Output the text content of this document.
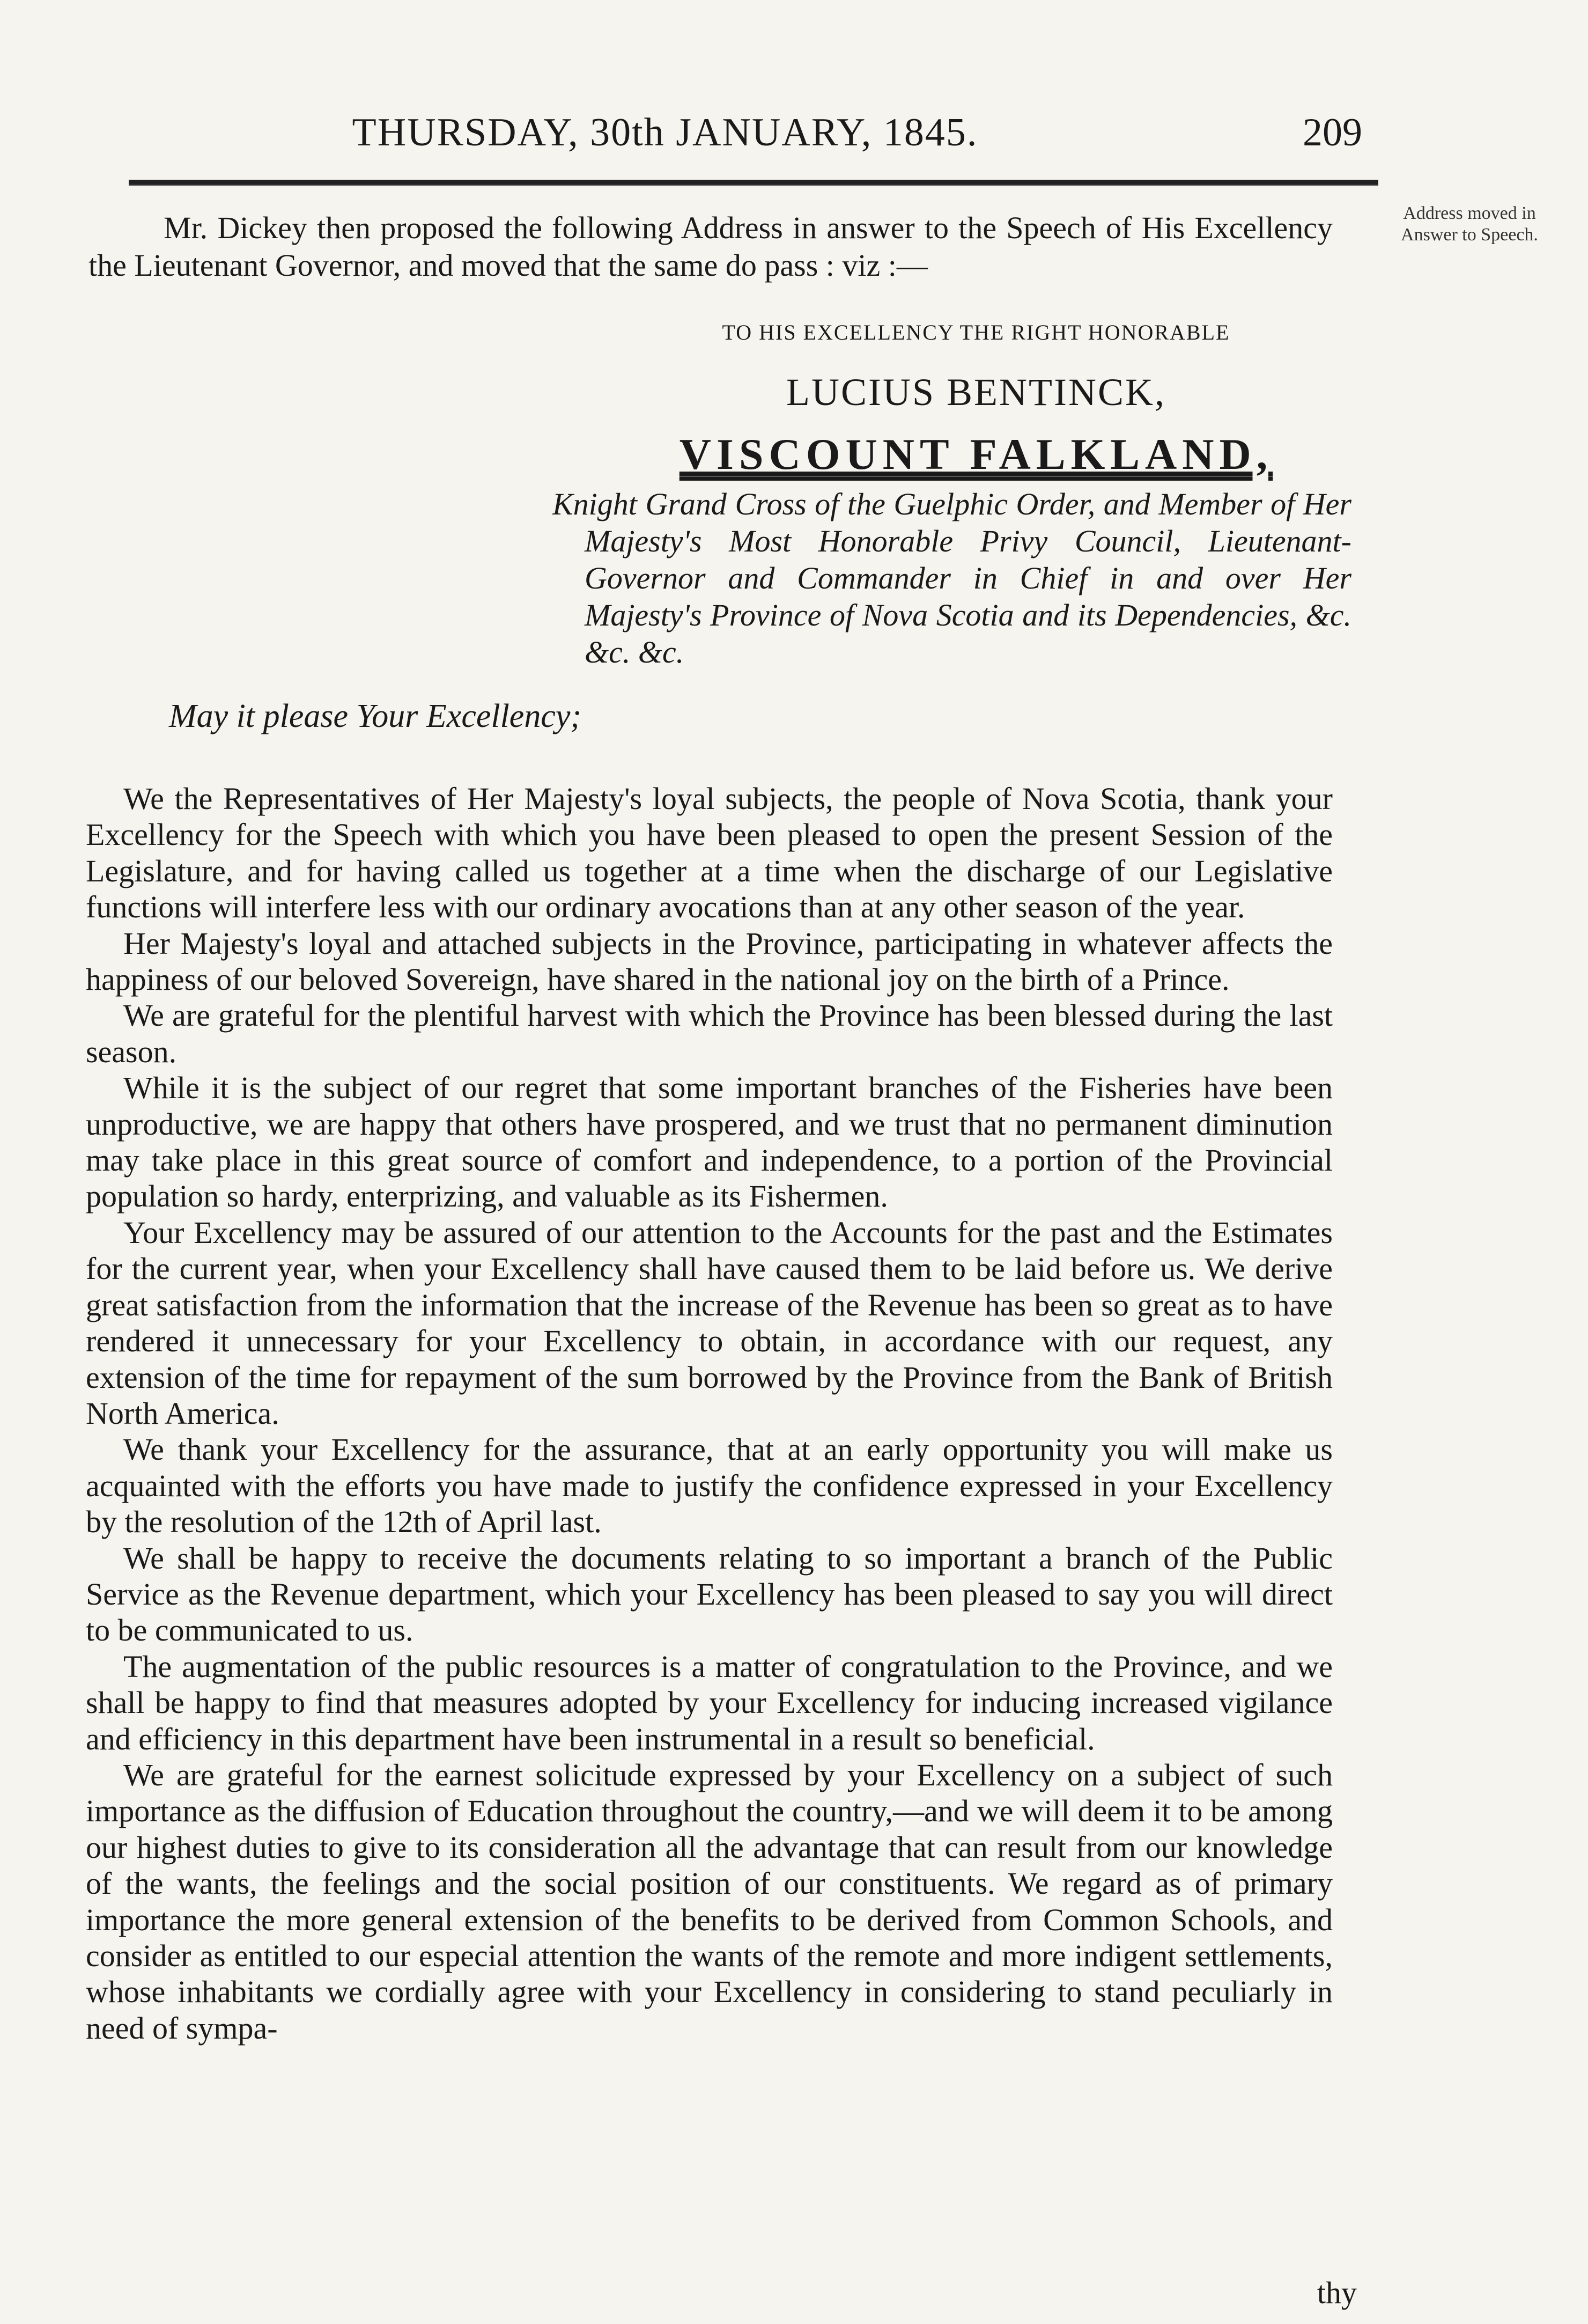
THURSDAY, 30th JANUARY, 1845.	209
Address moved in Answer to Speech.
Mr. Dickey then proposed the following Address in answer to the Speech of His Excellency the Lieutenant Governor, and moved that the same do pass : viz :—
TO HIS EXCELLENCY THE RIGHT HONORABLE
LUCIUS BENTINCK,
VISCOUNT FALKLAND,
Knight Grand Cross of the Guelphic Order, and Member of Her Majesty's Most Honorable Privy Council, Lieutenant-Governor and Commander in Chief in and over Her Majesty's Province of Nova Scotia and its Dependencies, &c. &c. &c.
May it please Your Excellency;

We the Representatives of Her Majesty's loyal subjects, the people of Nova Scotia, thank your Excellency for the Speech with which you have been pleased to open the present Session of the Legislature, and for having called us together at a time when the discharge of our Legislative functions will interfere less with our ordinary avocations than at any other season of the year.

Her Majesty's loyal and attached subjects in the Province, participating in whatever affects the happiness of our beloved Sovereign, have shared in the national joy on the birth of a Prince.

We are grateful for the plentiful harvest with which the Province has been blessed during the last season.

While it is the subject of our regret that some important branches of the Fisheries have been unproductive, we are happy that others have prospered, and we trust that no permanent diminution may take place in this great source of comfort and independence, to a portion of the Provincial population so hardy, enterprizing, and valuable as its Fishermen.

Your Excellency may be assured of our attention to the Accounts for the past and the Estimates for the current year, when your Excellency shall have caused them to be laid before us. We derive great satisfaction from the information that the increase of the Revenue has been so great as to have rendered it unnecessary for your Excellency to obtain, in accordance with our request, any extension of the time for repayment of the sum borrowed by the Province from the Bank of British North America.

We thank your Excellency for the assurance, that at an early opportunity you will make us acquainted with the efforts you have made to justify the confidence expressed in your Excellency by the resolution of the 12th of April last.

We shall be happy to receive the documents relating to so important a branch of the Public Service as the Revenue department, which your Excellency has been pleased to say you will direct to be communicated to us.

The augmentation of the public resources is a matter of congratulation to the Province, and we shall be happy to find that measures adopted by your Excellency for inducing increased vigilance and efficiency in this department have been instrumental in a result so beneficial.

We are grateful for the earnest solicitude expressed by your Excellency on a subject of such importance as the diffusion of Education throughout the country,—and we will deem it to be among our highest duties to give to its consideration all the advantage that can result from our knowledge of the wants, the feelings and the social position of our constituents. We regard as of primary importance the more general extension of the benefits to be derived from Common Schools, and consider as entitled to our especial attention the wants of the remote and more indigent settlements, whose inhabitants we cordially agree with your Excellency in considering to stand peculiarly in need of sympa-

thy
